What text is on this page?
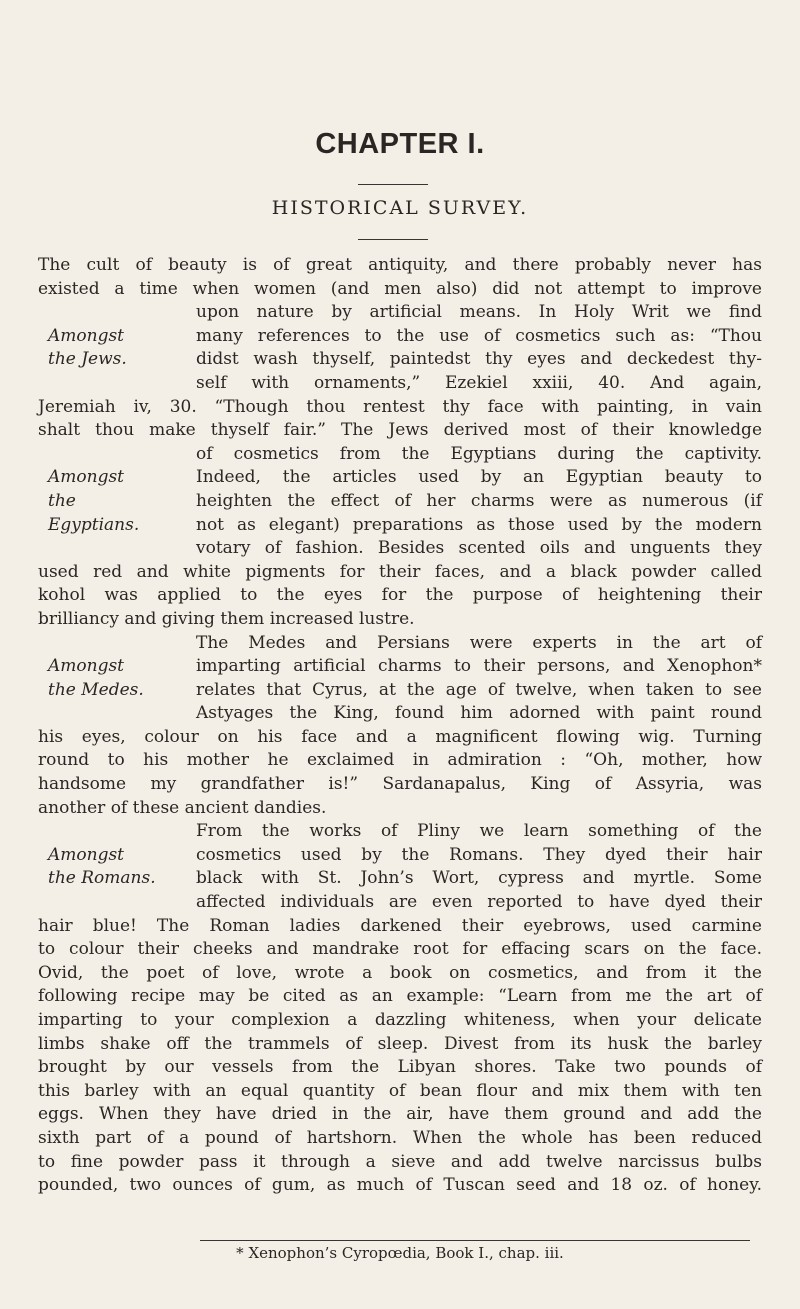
CHAPTER I.
HISTORICAL SURVEY.
The cult of beauty is of great antiquity, and there probably never has
existed a time when women (and men also) did not attempt to improve
upon nature by artificial means. In Holy Writ we find
Amongst	many references to the use of cosmetics such as: “Thou
the Jews.	didst wash thyself, paintedst thy eyes and deckedest thy-
self with ornaments,” Ezekiel xxiii, 40. And again,
Jeremiah iv, 30. “Though thou rentest thy face with painting, in vain
shalt thou make thyself fair.” The Jews derived most of their knowledge
of cosmetics from the Egyptians during the captivity.
Amongst	Indeed, the articles used by an Egyptian beauty to
the	heighten the effect of her charms were as numerous (if
Egyptians.	not as elegant) preparations as those used by the modern
votary of fashion. Besides scented oils and unguents they
used red and white pigments for their faces, and a black powder called
kohol was applied to the eyes for the purpose of heightening their
brilliancy and giving them increased lustre.
The Medes and Persians were experts in the art of
Amongst	imparting artificial charms to their persons, and Xenophon*
the Medes.	relates that Cyrus, at the age of twelve, when taken to see
Astyages the King, found him adorned with paint round
his eyes, colour on his face and a magnificent flowing wig. Turning
round to his mother he exclaimed in admiration : “Oh, mother, how
handsome my grandfather is!” Sardanapalus, King of Assyria, was
another of these ancient dandies.
From the works of Pliny we learn something of the
Amongst	cosmetics used by the Romans. They dyed their hair
the Romans.	black with St. John’s Wort, cypress and myrtle. Some
affected individuals are even reported to have dyed their
hair blue! The Roman ladies darkened their eyebrows, used carmine
to colour their cheeks and mandrake root for effacing scars on the face.
Ovid, the poet of love, wrote a book on cosmetics, and from it the
following recipe may be cited as an example: “Learn from me the art of
imparting to your complexion a dazzling whiteness, when your delicate
limbs shake off the trammels of sleep. Divest from its husk the barley
brought by our vessels from the Libyan shores. Take two pounds of
this barley with an equal quantity of bean flour and mix them with ten
eggs. When they have dried in the air, have them ground and add the
sixth part of a pound of hartshorn. When the whole has been reduced
to fine powder pass it through a sieve and add twelve narcissus bulbs
pounded, two ounces of gum, as much of Tuscan seed and 18 oz. of honey.
* Xenophon’s Cyropœdia, Book I., chap. iii.
